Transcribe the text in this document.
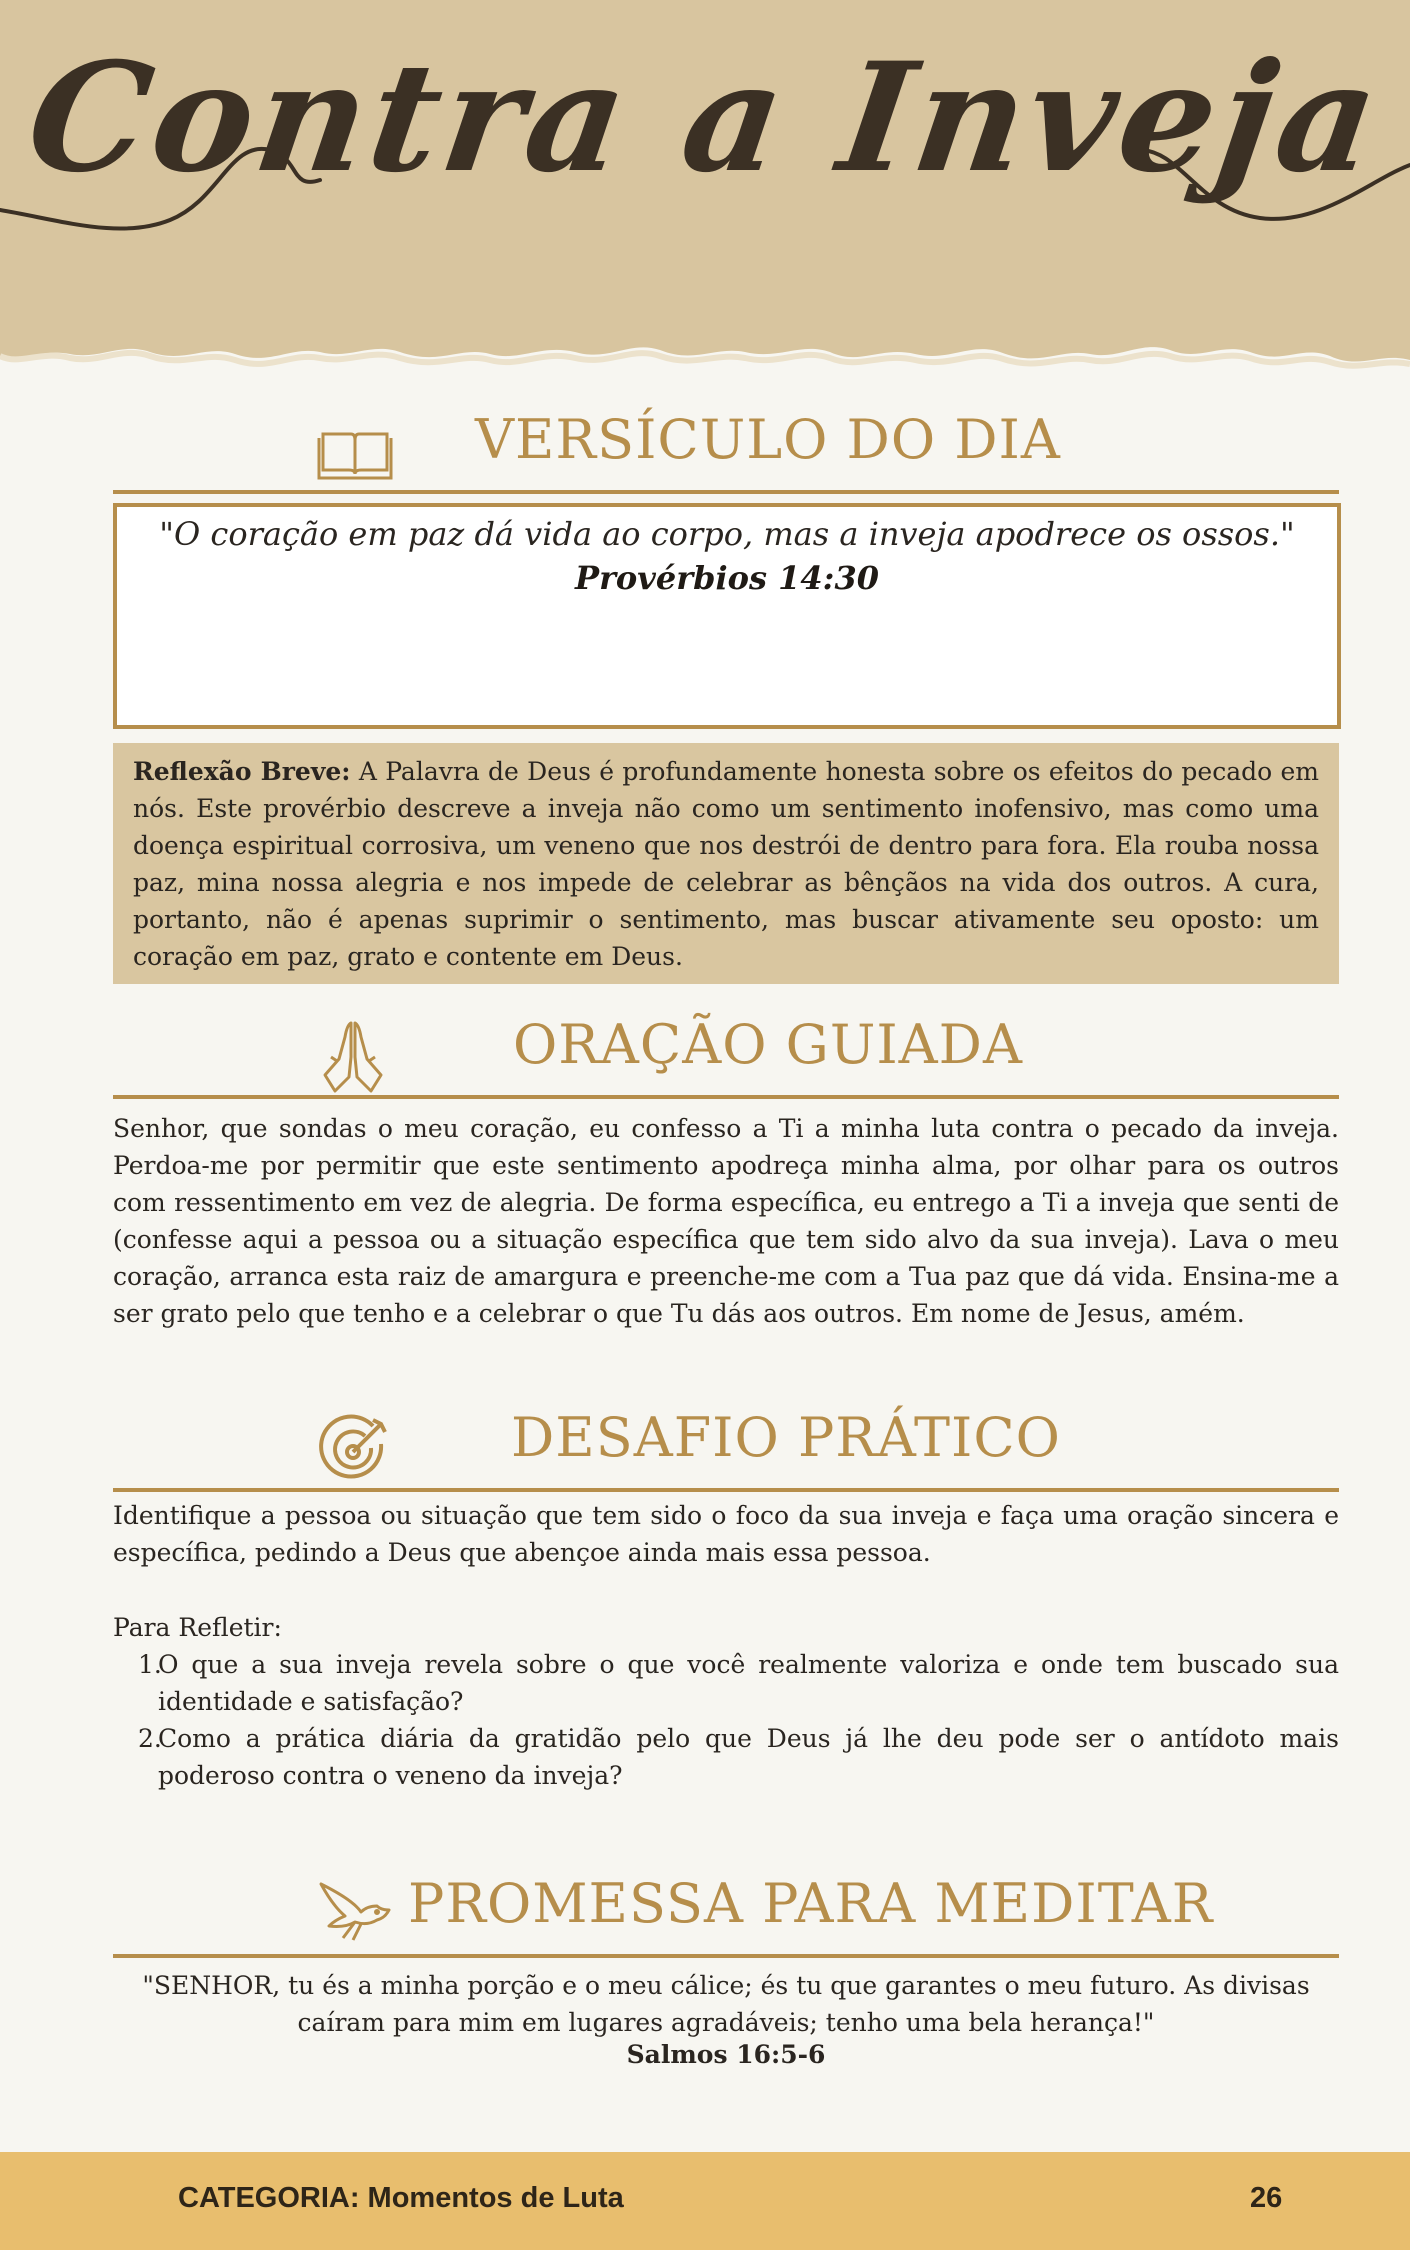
Contra a Inveja
VERSÍCULO DO DIA

"O coração em paz dá vida ao corpo, mas a inveja apodrece os ossos."

Provérbios 14:30

Reflexão Breve: A Palavra de Deus é profundamente honesta sobre os efeitos do pecado em nós. Este provérbio descreve a inveja não como um sentimento inofensivo, mas como uma doença espiritual corrosiva, um veneno que nos destrói de dentro para fora. Ela rouba nossa paz, mina nossa alegria e nos impede de celebrar as bênçãos na vida dos outros. A cura, portanto, não é apenas suprimir o sentimento, mas buscar ativamente seu oposto: um coração em paz, grato e contente em Deus.
ORAÇÃO GUIADA

Senhor, que sondas o meu coração, eu confesso a Ti a minha luta contra o pecado da inveja. Perdoa-me por permitir que este sentimento apodreça minha alma, por olhar para os outros com ressentimento em vez de alegria. De forma específica, eu entrego a Ti a inveja que senti de (confesse aqui a pessoa ou a situação específica que tem sido alvo da sua inveja). Lava o meu coração, arranca esta raiz de amargura e preenche-me com a Tua paz que dá vida. Ensina-me a ser grato pelo que tenho e a celebrar o que Tu dás aos outros. Em nome de Jesus, amém.

DESAFIO PRÁTICO

Identifique a pessoa ou situação que tem sido o foco da sua inveja e faça uma oração sincera e específica, pedindo a Deus que abençoe ainda mais essa pessoa.

Para Refletir:

1.
O que a sua inveja revela sobre o que você realmente valoriza e onde tem buscado sua identidade e satisfação?
2.
Como a prática diária da gratidão pelo que Deus já lhe deu pode ser o antídoto mais poderoso contra o veneno da inveja?
PROMESSA PARA MEDITAR

"SENHOR, tu és a minha porção e o meu cálice; és tu que garantes o meu futuro. As divisas caíram para mim em lugares agradáveis; tenho uma bela herança!"

Salmos 16:5-6

CATEGORIA: Momentos de Luta	26
